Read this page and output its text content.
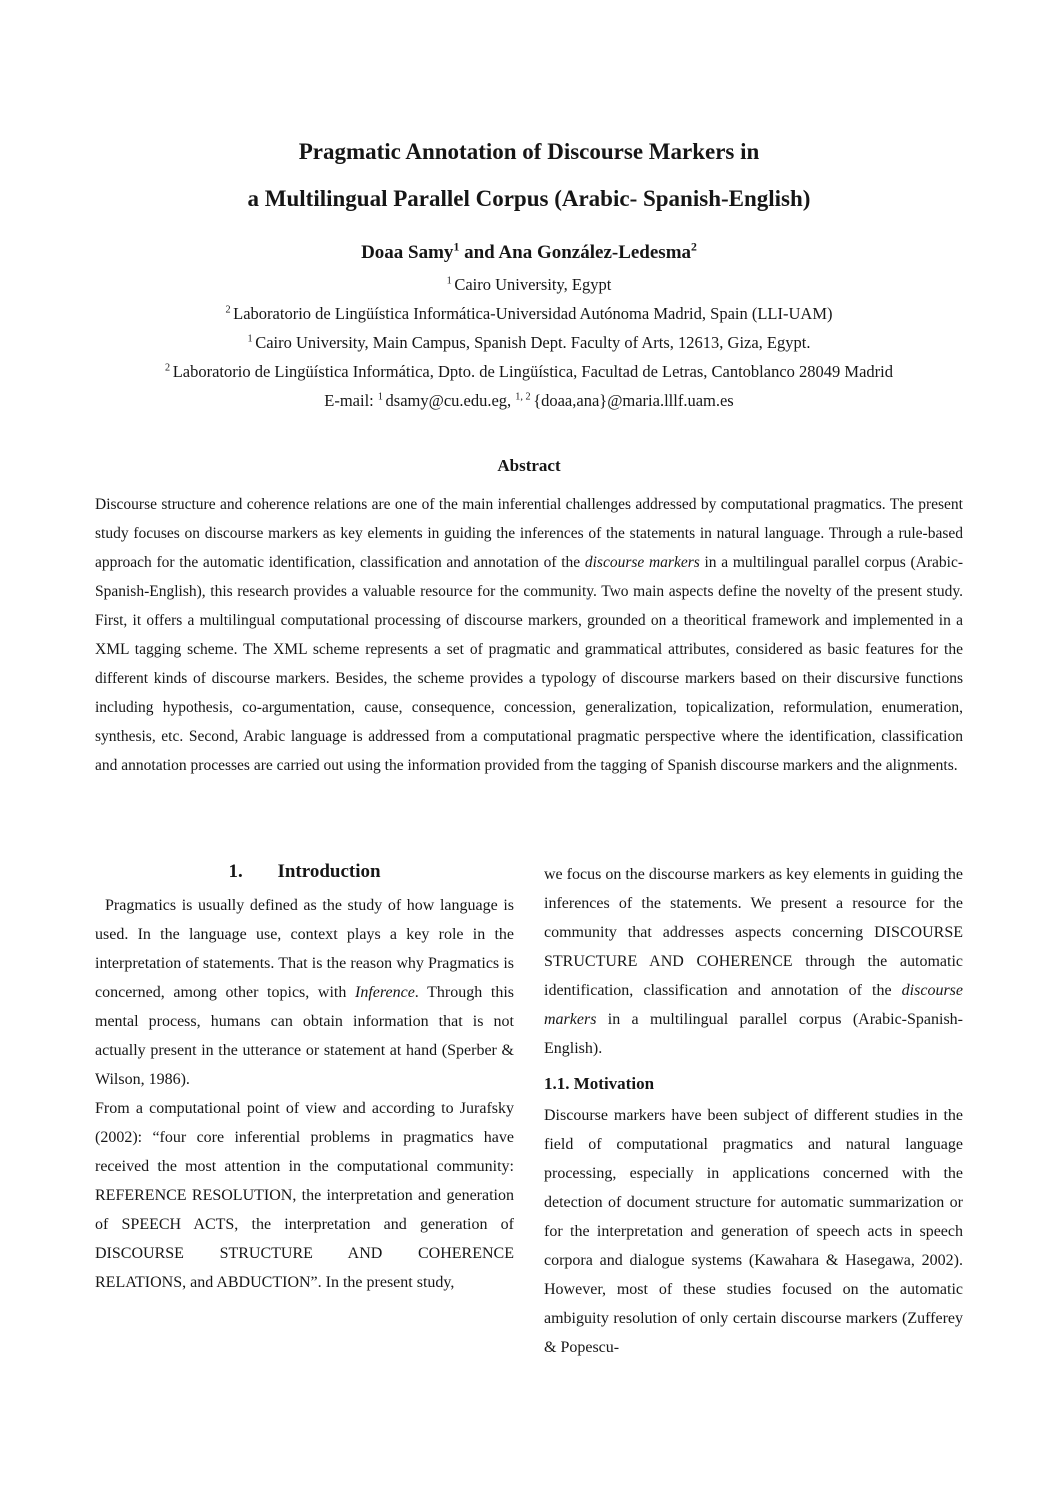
Pragmatic Annotation of Discourse Markers in
a Multilingual Parallel Corpus (Arabic- Spanish-English)
Doaa Samy$^1$ and Ana González-Ledesma$^2$
$^1$ Cairo University, Egypt
$^2$ Laboratorio de Lingüística Informática-Universidad Autónoma Madrid, Spain (LLI-UAM)
$^1$ Cairo University, Main Campus, Spanish Dept. Faculty of Arts, 12613, Giza, Egypt.
$^2$ Laboratorio de Lingüística Informática, Dpto. de Lingüística, Facultad de Letras, Cantoblanco 28049 Madrid
E-mail: $^1$ dsamy@cu.edu.eg, $^{1, 2}$ {doaa,ana}@maria.lllf.uam.es
Abstract
Discourse structure and coherence relations are one of the main inferential challenges addressed by computational pragmatics. The present study focuses on discourse markers as key elements in guiding the inferences of the statements in natural language. Through a rule-based approach for the automatic identification, classification and annotation of the discourse markers in a multilingual parallel corpus (Arabic-Spanish-English), this research provides a valuable resource for the community. Two main aspects define the novelty of the present study. First, it offers a multilingual computational processing of discourse markers, grounded on a theoritical framework and implemented in a XML tagging scheme. The XML scheme represents a set of pragmatic and grammatical attributes, considered as basic features for the different kinds of discourse markers. Besides, the scheme provides a typology of discourse markers based on their discursive functions including hypothesis, co-argumentation, cause, consequence, concession, generalization, topicalization, reformulation, enumeration, synthesis, etc. Second, Arabic language is addressed from a computational pragmatic perspective where the identification, classification and annotation processes are carried out using the information provided from the tagging of Spanish discourse markers and the alignments.
1. Introduction

Pragmatics is usually defined as the study of how language is used. In the language use, context plays a key role in the interpretation of statements. That is the reason why Pragmatics is concerned, among other topics, with Inference. Through this mental process, humans can obtain information that is not actually present in the utterance or statement at hand (Sperber & Wilson, 1986).

From a computational point of view and according to Jurafsky (2002): “four core inferential problems in pragmatics have received the most attention in the computational community: REFERENCE RESOLUTION, the interpretation and generation of SPEECH ACTS, the interpretation and generation of DISCOURSE STRUCTURE AND COHERENCE RELATIONS, and ABDUCTION”. In the present study,

we focus on the discourse markers as key elements in guiding the inferences of the statements. We present a resource for the community that addresses aspects concerning DISCOURSE STRUCTURE AND COHERENCE through the automatic identification, classification and annotation of the discourse markers in a multilingual parallel corpus (Arabic-Spanish-English).

1.1. Motivation

Discourse markers have been subject of different studies in the field of computational pragmatics and natural language processing, especially in applications concerned with the detection of document structure for automatic summarization or for the interpretation and generation of speech acts in speech corpora and dialogue systems (Kawahara & Hasegawa, 2002). However, most of these studies focused on the automatic ambiguity resolution of only certain discourse markers (Zufferey & Popescu-
